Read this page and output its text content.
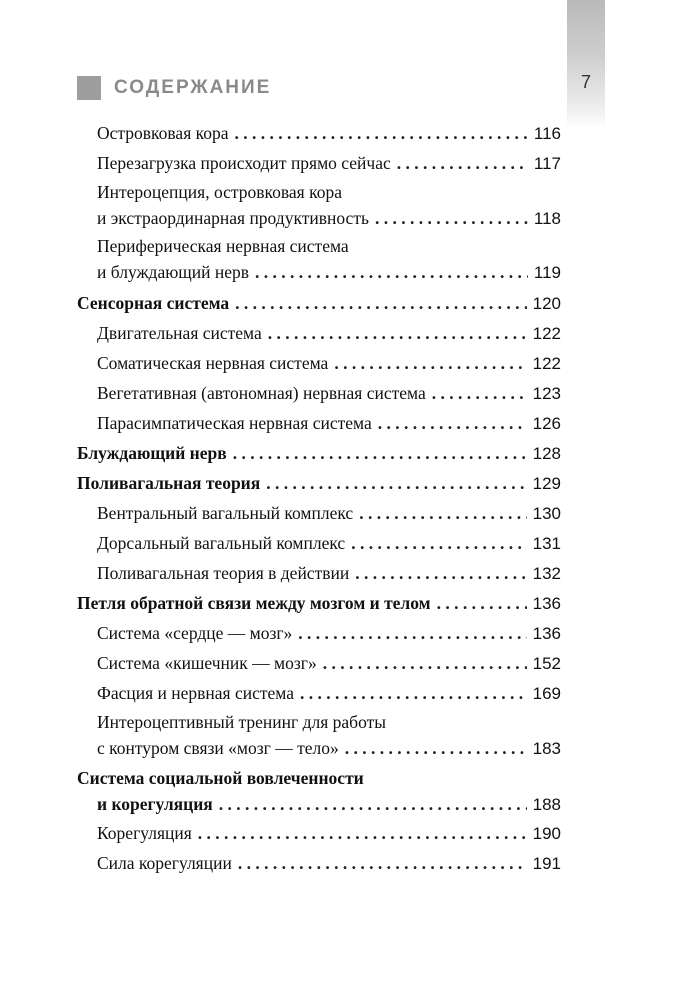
7
СОДЕРЖАНИЕ
Островковая кора . . .	116
Перезагрузка происходит прямо сейчас . . .	117
Интероцепция, островковая кора
и экстраординарная продуктивность . . .	118
Периферическая нервная система
и блуждающий нерв . . .	119
Сенсорная система . . .	120
Двигательная система . . .	122
Соматическая нервная система . . .	122
Вегетативная (автономная) нервная система . . .	123
Парасимпатическая нервная система . . .	126
Блуждающий нерв . . .	128
Поливагальная теория . . .	129
Вентральный вагальный комплекс . . .	130
Дорсальный вагальный комплекс . . .	131
Поливагальная теория в действии . . .	132
Петля обратной связи между мозгом и телом . . .	136
Система «сердце — мозг» . . .	136
Система «кишечник — мозг» . . .	152
Фасция и нервная система . . .	169
Интероцептивный тренинг для работы
с контуром связи «мозг — тело» . . .	183
Система социальной вовлеченности
и корегуляция . . .	188
Корегуляция . . .	190
Сила корегуляции . . .	191
